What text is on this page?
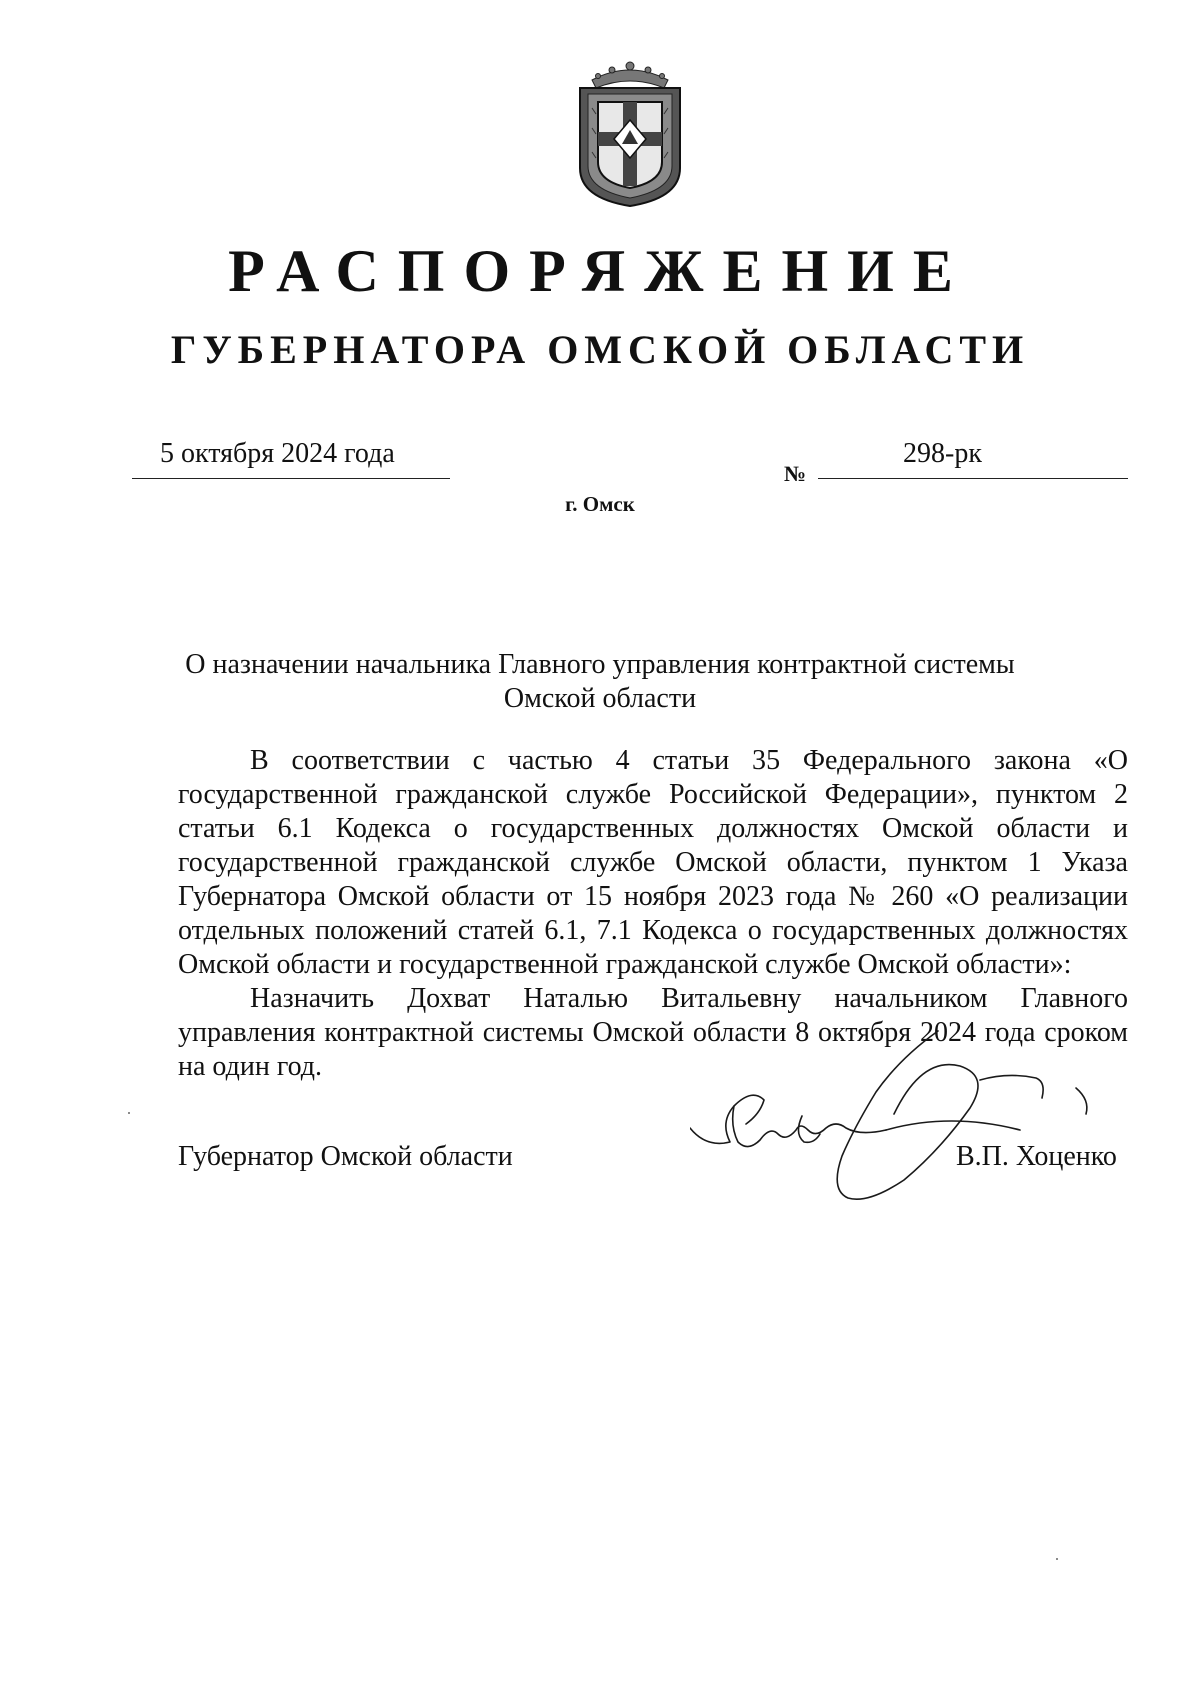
РАСПОРЯЖЕНИЕ
ГУБЕРНАТОРА ОМСКОЙ ОБЛАСТИ
5 октября 2024 года
№
298-рк
г. Омск
О назначении начальника Главного управления контрактной системы Омской области
В соответствии с частью 4 статьи 35 Федерального закона «О государственной гражданской службе Российской Федерации», пунктом 2 статьи 6.1 Кодекса о государственных должностях Омской области и государственной гражданской службе Омской области, пунктом 1 Указа Губернатора Омской области от 15 ноября 2023 года № 260 «О реализации отдельных положений статей 6.1, 7.1 Кодекса о государственных должностях Омской области и государственной гражданской службе Омской области»:
Назначить Дохват Наталью Витальевну начальником Главного управления контрактной системы Омской области 8 октября 2024 года сроком на один год.
Губернатор Омской области	В.П. Хоценко
